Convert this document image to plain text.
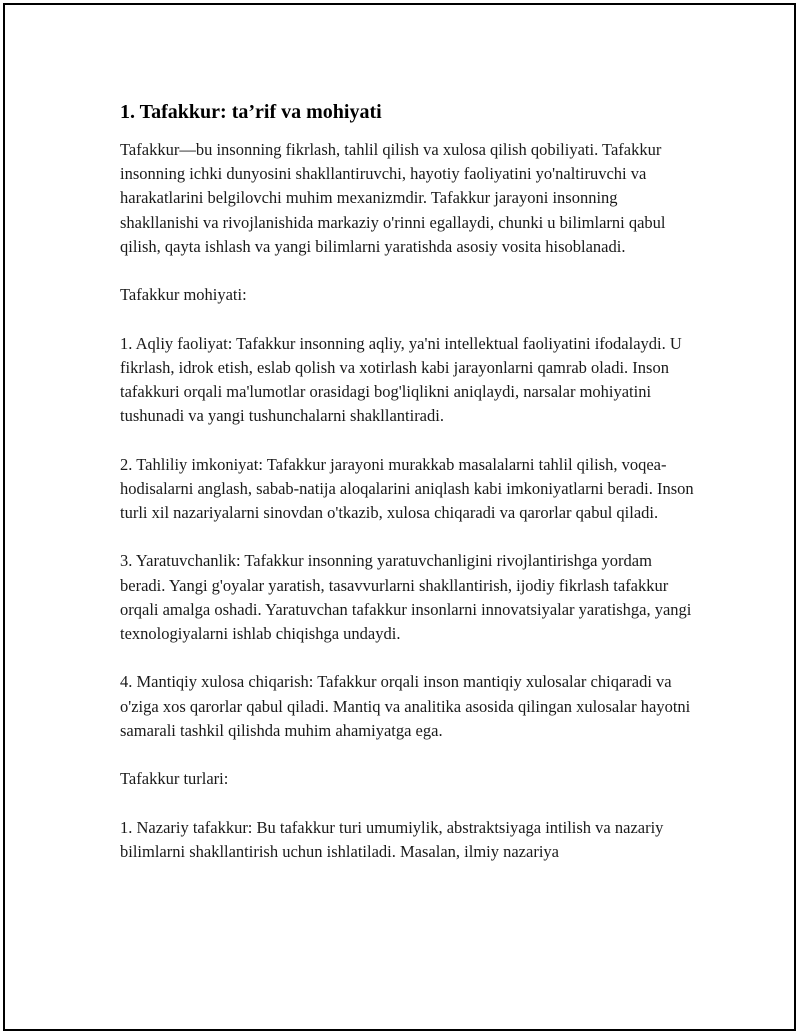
1. Tafakkur: ta’rif va mohiyati

Tafakkur—bu insonning fikrlash, tahlil qilish va xulosa qilish qobiliyati. Tafakkur insonning ichki dunyosini shakllantiruvchi, hayotiy faoliyatini yo'naltiruvchi va harakatlarini belgilovchi muhim mexanizmdir. Tafakkur jarayoni insonning shakllanishi va rivojlanishida markaziy o'rinni egallaydi, chunki u bilimlarni qabul qilish, qayta ishlash va yangi bilimlarni yaratishda asosiy vosita hisoblanadi.

Tafakkur mohiyati:

1. Aqliy faoliyat: Tafakkur insonning aqliy, ya'ni intellektual faoliyatini ifodalaydi. U fikrlash, idrok etish, eslab qolish va xotirlash kabi jarayonlarni qamrab oladi. Inson tafakkuri orqali ma'lumotlar orasidagi bog'liqlikni aniqlaydi, narsalar mohiyatini tushunadi va yangi tushunchalarni shakllantiradi.

2. Tahliliy imkoniyat: Tafakkur jarayoni murakkab masalalarni tahlil qilish, voqea-hodisalarni anglash, sabab-natija aloqalarini aniqlash kabi imkoniyatlarni beradi. Inson turli xil nazariyalarni sinovdan o'tkazib, xulosa chiqaradi va qarorlar qabul qiladi.

3. Yaratuvchanlik: Tafakkur insonning yaratuvchanligini rivojlantirishga yordam beradi. Yangi g'oyalar yaratish, tasavvurlarni shakllantirish, ijodiy fikrlash tafakkur orqali amalga oshadi. Yaratuvchan tafakkur insonlarni innovatsiyalar yaratishga, yangi texnologiyalarni ishlab chiqishga undaydi.

4. Mantiqiy xulosa chiqarish: Tafakkur orqali inson mantiqiy xulosalar chiqaradi va o'ziga xos qarorlar qabul qiladi. Mantiq va analitika asosida qilingan xulosalar hayotni samarali tashkil qilishda muhim ahamiyatga ega.

Tafakkur turlari:

1. Nazariy tafakkur: Bu tafakkur turi umumiylik, abstraktsiyaga intilish va nazariy bilimlarni shakllantirish uchun ishlatiladi. Masalan, ilmiy nazariya
